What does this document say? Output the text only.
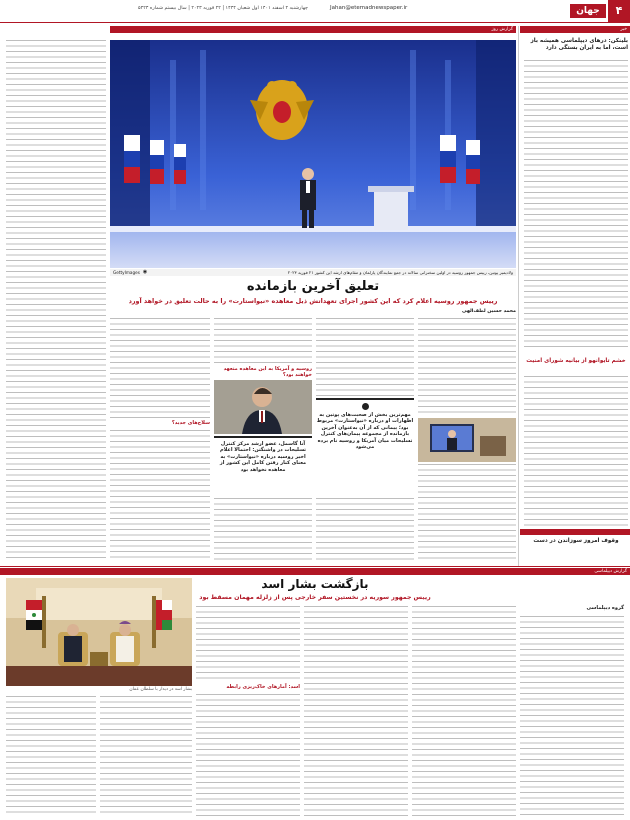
۴
جهان
Jahan@etemadnewspaper.ir
چهارشنبه ۲ اسفند ۱۴۰۱ اول شعبان ۱۴۴۴ | ۲۲ فوریه ۲۰۲۳ | سال بیستم شماره ۵۴۲۳
خبر
بلینکن: درهای دیپلماسی همیشه باز است، اما به ایران بستگی دارد
خشم تایوانهو از بیانیه شورای امنیت
وقوف امروز سوزاندن در دست
گزارش روز
ولادیمیر پوتین، رییس جمهور روسیه در اولین سخنرانی سالانه در جمع نمایندگان پارلمان و مقام‌های ارشد این کشور ۲۱ فوریه ۲۰۲۳
◉
GettyImages
تعلیق آخرین بازمانده
رییس جمهور روسیه اعلام کرد که این کشور اجرای تعهداتش ذیل معاهده «نیواستارت» را به حالت تعلیق در خواهد آورد
محمد حسین لطف‌الهی
مهم‌ترین بخش از صحبت‌های پوتین به اظهارات او درباره «نیواستارت» مربوط بود؛ پیمانی که از آن به‌عنوان آخرین بازمانده از مجموعه پیمان‌های کنترل تسلیحات میان آمریکا و روسیه نام برده می‌شود
روسیه و آمریکا به این معاهده متعهد خواهند بود؟
آنا گاسمل، عضو ارشد مرکز کنترل تسلیحات در واشنگتن: احتمالا اعلام اخیر روسیه درباره «نیواستارت» به معنای کنار رفتن کامل این کشور از معاهده نخواهد بود
سلاح‌های جدید؟
گزارش دیپلماسی
بازگشت بشار اسد
رییس جمهور سوریه در نخستین سفر خارجی پس از زلزله مهمان مسقط بود
گروه دیپلماسی
اسد: آمارهای خاک‌ریزی رابطه
بشار اسد در دیدار با سلطان عمان
